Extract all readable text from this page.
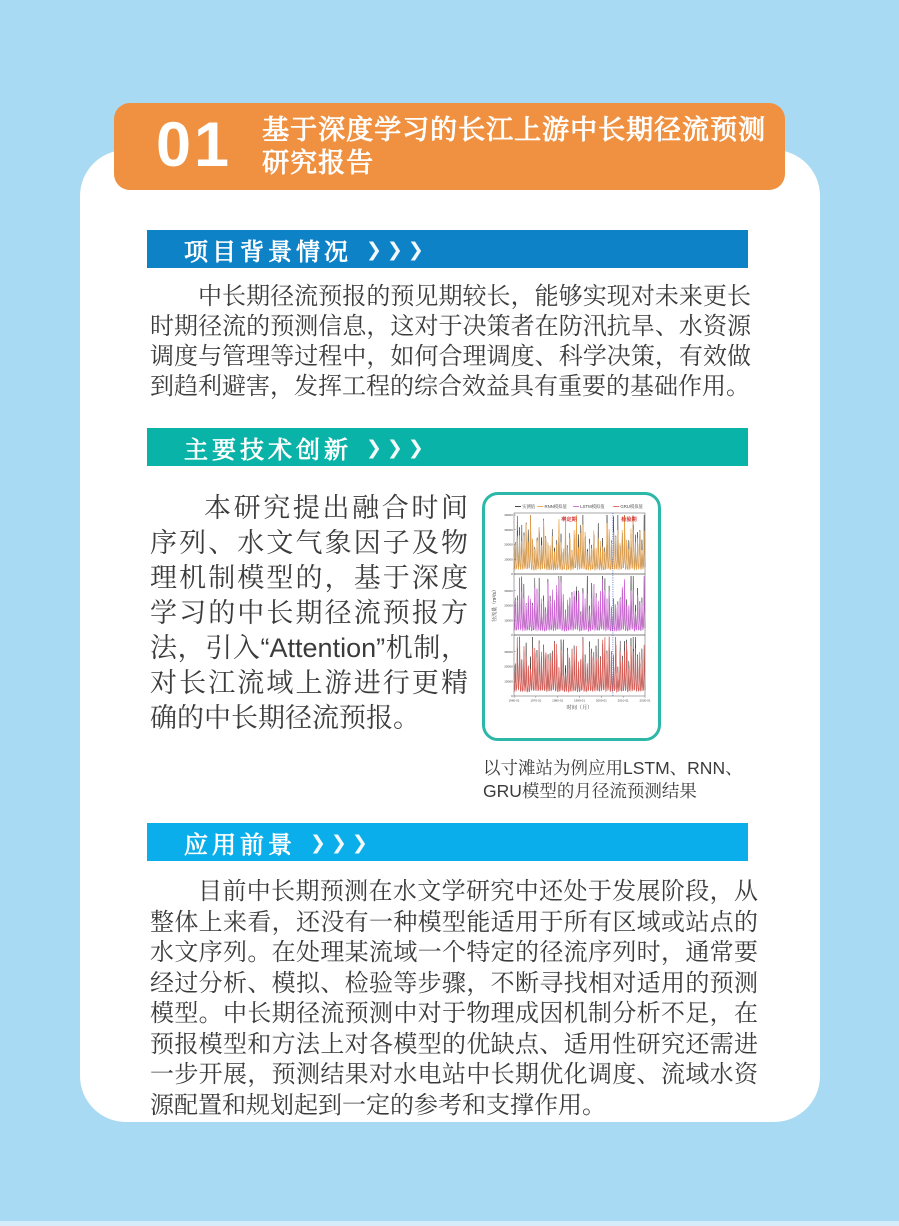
01 基于深度学习的长江上游中长期径流预测
研究报告
项目背景情况 ❯❯❯
中长期径流预报的预见期较长，能够实现对未来更长时期径流的预测信息，这对于决策者在防汛抗旱、水资源调度与管理等过程中，如何合理调度、科学决策，有效做到趋利避害，发挥工程的综合效益具有重要的基础作用。
主要技术创新 ❯❯❯
本研究提出融合时间序列、水文气象因子及物理机制模型的，基于深度学习的中长期径流预报方法，引入“Attention”机制，对长江流域上游进行更精确的中长期径流预报。
实测值 RNN模拟值	LSTM模拟值	GRU模拟值
0
10000
20000
30000
40000
0
10000
20000
30000
0
10000
20000
30000
率定期	检验期
1960-01	1970-01	1980-01	1990-01	2000-01	2010-01	2020-01
时间（月）
径流量（m³/s）
以寸滩站为例应用LSTM、RNN、
GRU模型的月径流预测结果
应用前景 ❯❯❯
目前中长期预测在水文学研究中还处于发展阶段，从整体上来看，还没有一种模型能适用于所有区域或站点的水文序列。在处理某流域一个特定的径流序列时，通常要经过分析、模拟、检验等步骤，不断寻找相对适用的预测模型。中长期径流预测中对于物理成因机制分析不足，在预报模型和方法上对各模型的优缺点、适用性研究还需进一步开展，预测结果对水电站中长期优化调度、流域水资源配置和规划起到一定的参考和支撑作用。
